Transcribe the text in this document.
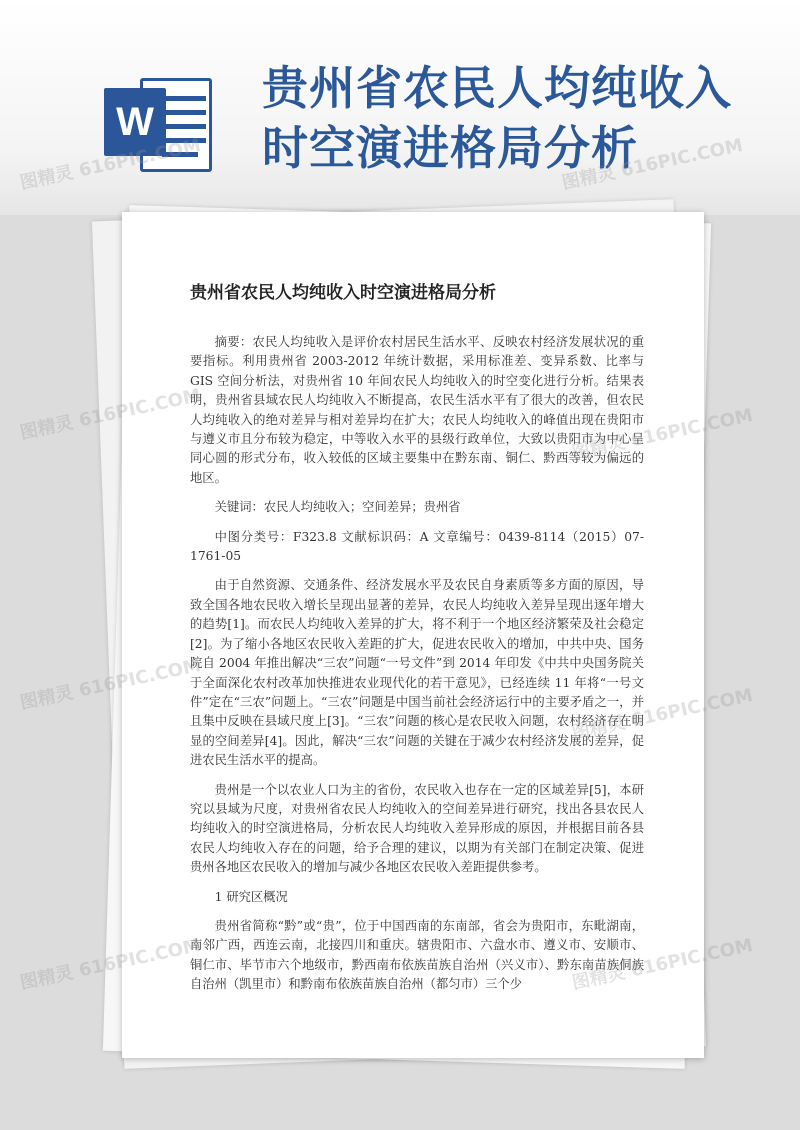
W
贵州省农民人均纯收入
时空演进格局分析
贵州省农民人均纯收入时空演进格局分析

摘要：农民人均纯收入是评价农村居民生活水平、反映农村经济发展状况的重要指标。利用贵州省 2003-2012 年统计数据，采用标准差、变异系数、比率与 GIS 空间分析法，对贵州省 10 年间农民人均纯收入的时空变化进行分析。结果表明，贵州省县域农民人均纯收入不断提高，农民生活水平有了很大的改善，但农民人均纯收入的绝对差异与相对差异均在扩大；农民人均纯收入的峰值出现在贵阳市与遵义市且分布较为稳定，中等收入水平的县级行政单位，大致以贵阳市为中心呈同心圆的形式分布，收入较低的区域主要集中在黔东南、铜仁、黔西等较为偏远的地区。

关键词：农民人均纯收入；空间差异；贵州省

中图分类号：F323.8 文献标识码：A 文章编号：0439-8114（2015）07-1761-05

由于自然资源、交通条件、经济发展水平及农民自身素质等多方面的原因，导致全国各地农民收入增长呈现出显著的差异，农民人均纯收入差异呈现出逐年增大的趋势[1]。而农民人均纯收入差异的扩大，将不利于一个地区经济繁荣及社会稳定[2]。为了缩小各地区农民收入差距的扩大，促进农民收入的增加，中共中央、国务院自 2004 年推出解决“三农”问题“一号文件”到 2014 年印发《中共中央国务院关于全面深化农村改革加快推进农业现代化的若干意见》，已经连续 11 年将“一号文件”定在“三农”问题上。“三农”问题是中国当前社会经济运行中的主要矛盾之一，并且集中反映在县域尺度上[3]。“三农”问题的核心是农民收入问题，农村经济存在明显的空间差异[4]。因此，解决“三农”问题的关键在于减少农村经济发展的差异，促进农民生活水平的提高。

贵州是一个以农业人口为主的省份，农民收入也存在一定的区域差异[5]，本研究以县域为尺度，对贵州省农民人均纯收入的空间差异进行研究，找出各县农民人均纯收入的时空演进格局，分析农民人均纯收入差异形成的原因，并根据目前各县农民人均纯收入存在的问题，给予合理的建议，以期为有关部门在制定决策、促进贵州各地区农民收入的增加与减少各地区农民收入差距提供参考。

1 研究区概况

贵州省简称“黔”或“贵”，位于中国西南的东南部，省会为贵阳市，东毗湖南，南邻广西，西连云南，北接四川和重庆。辖贵阳市、六盘水市、遵义市、安顺市、铜仁市、毕节市六个地级市，黔西南布依族苗族自治州（兴义市）、黔东南苗族侗族自治州（凯里市）和黔南布依族苗族自治州（都匀市）三个少

图精灵 616PIC.COM
图精灵 616PIC.COM
图精灵 616PIC.COM
图精灵 616PIC.COM
图精灵 616PIC.COM
图精灵 616PIC.COM
图精灵 616PIC.COM
图精灵 616PIC.COM
